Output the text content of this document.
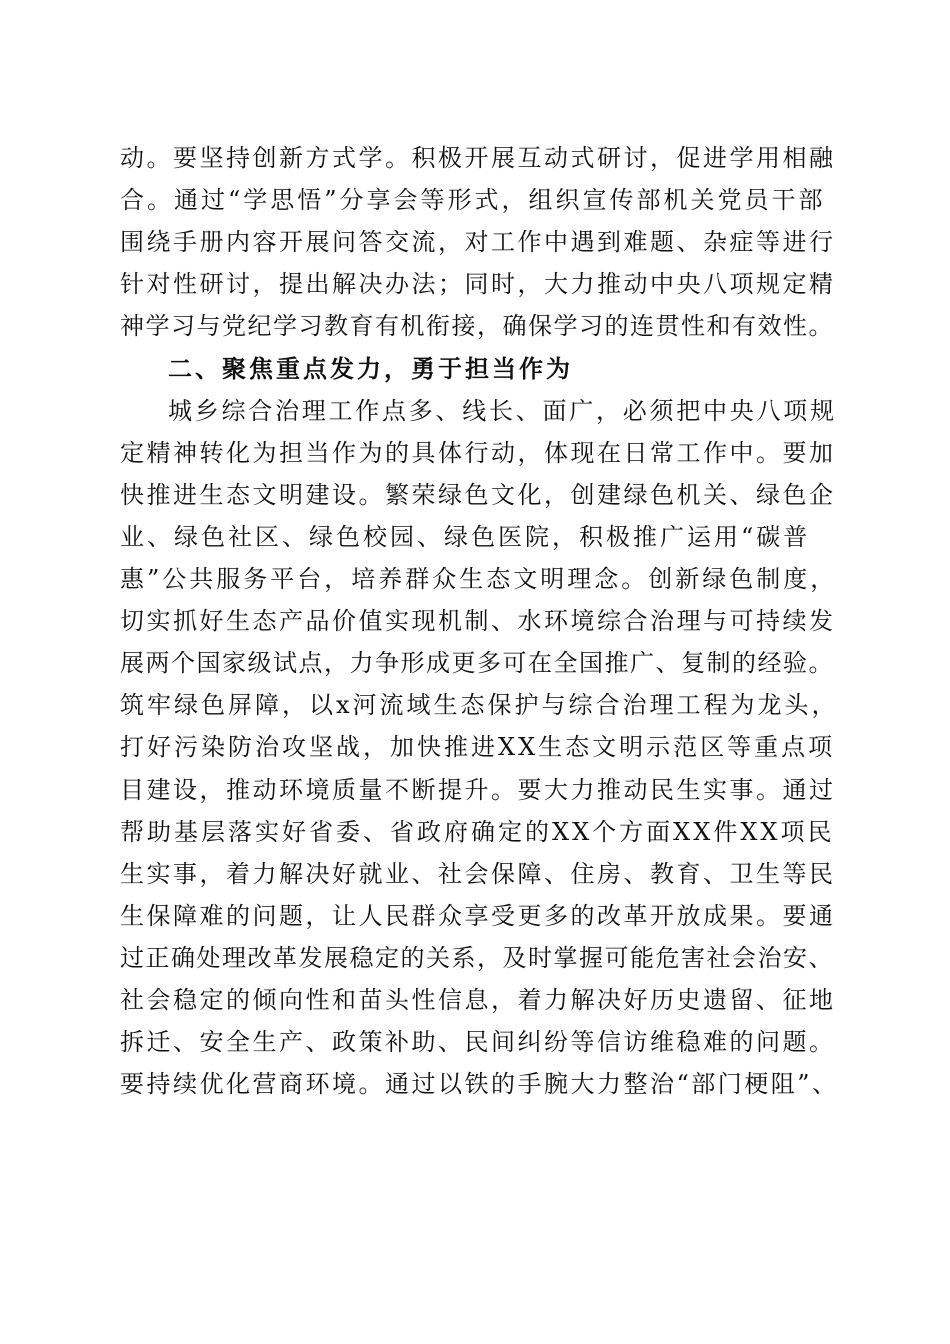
动。要坚持创新方式学。积极开展互动式研讨，促进学用相融
合。通过“学思悟”分享会等形式，组织宣传部机关党员干部
围绕手册内容开展问答交流，对工作中遇到难题、杂症等进行
针对性研讨，提出解决办法；同时，大力推动中央八项规定精
神学习与党纪学习教育有机衔接，确保学习的连贯性和有效性。
二、聚焦重点发力，勇于担当作为
城乡综合治理工作点多、线长、面广，必须把中央八项规
定精神转化为担当作为的具体行动，体现在日常工作中。要加
快推进生态文明建设。繁荣绿色文化，创建绿色机关、绿色企
业、绿色社区、绿色校园、绿色医院，积极推广运用“碳普
惠”公共服务平台，培养群众生态文明理念。创新绿色制度，
切实抓好生态产品价值实现机制、水环境综合治理与可持续发
展两个国家级试点，力争形成更多可在全国推广、复制的经验。
筑牢绿色屏障，以x河流域生态保护与综合治理工程为龙头，
打好污染防治攻坚战，加快推进XX生态文明示范区等重点项
目建设，推动环境质量不断提升。要大力推动民生实事。通过
帮助基层落实好省委、省政府确定的XX个方面XX件XX项民
生实事，着力解决好就业、社会保障、住房、教育、卫生等民
生保障难的问题，让人民群众享受更多的改革开放成果。要通
过正确处理改革发展稳定的关系，及时掌握可能危害社会治安、
社会稳定的倾向性和苗头性信息，着力解决好历史遗留、征地
拆迁、安全生产、政策补助、民间纠纷等信访维稳难的问题。
要持续优化营商环境。通过以铁的手腕大力整治“部门梗阻”、
